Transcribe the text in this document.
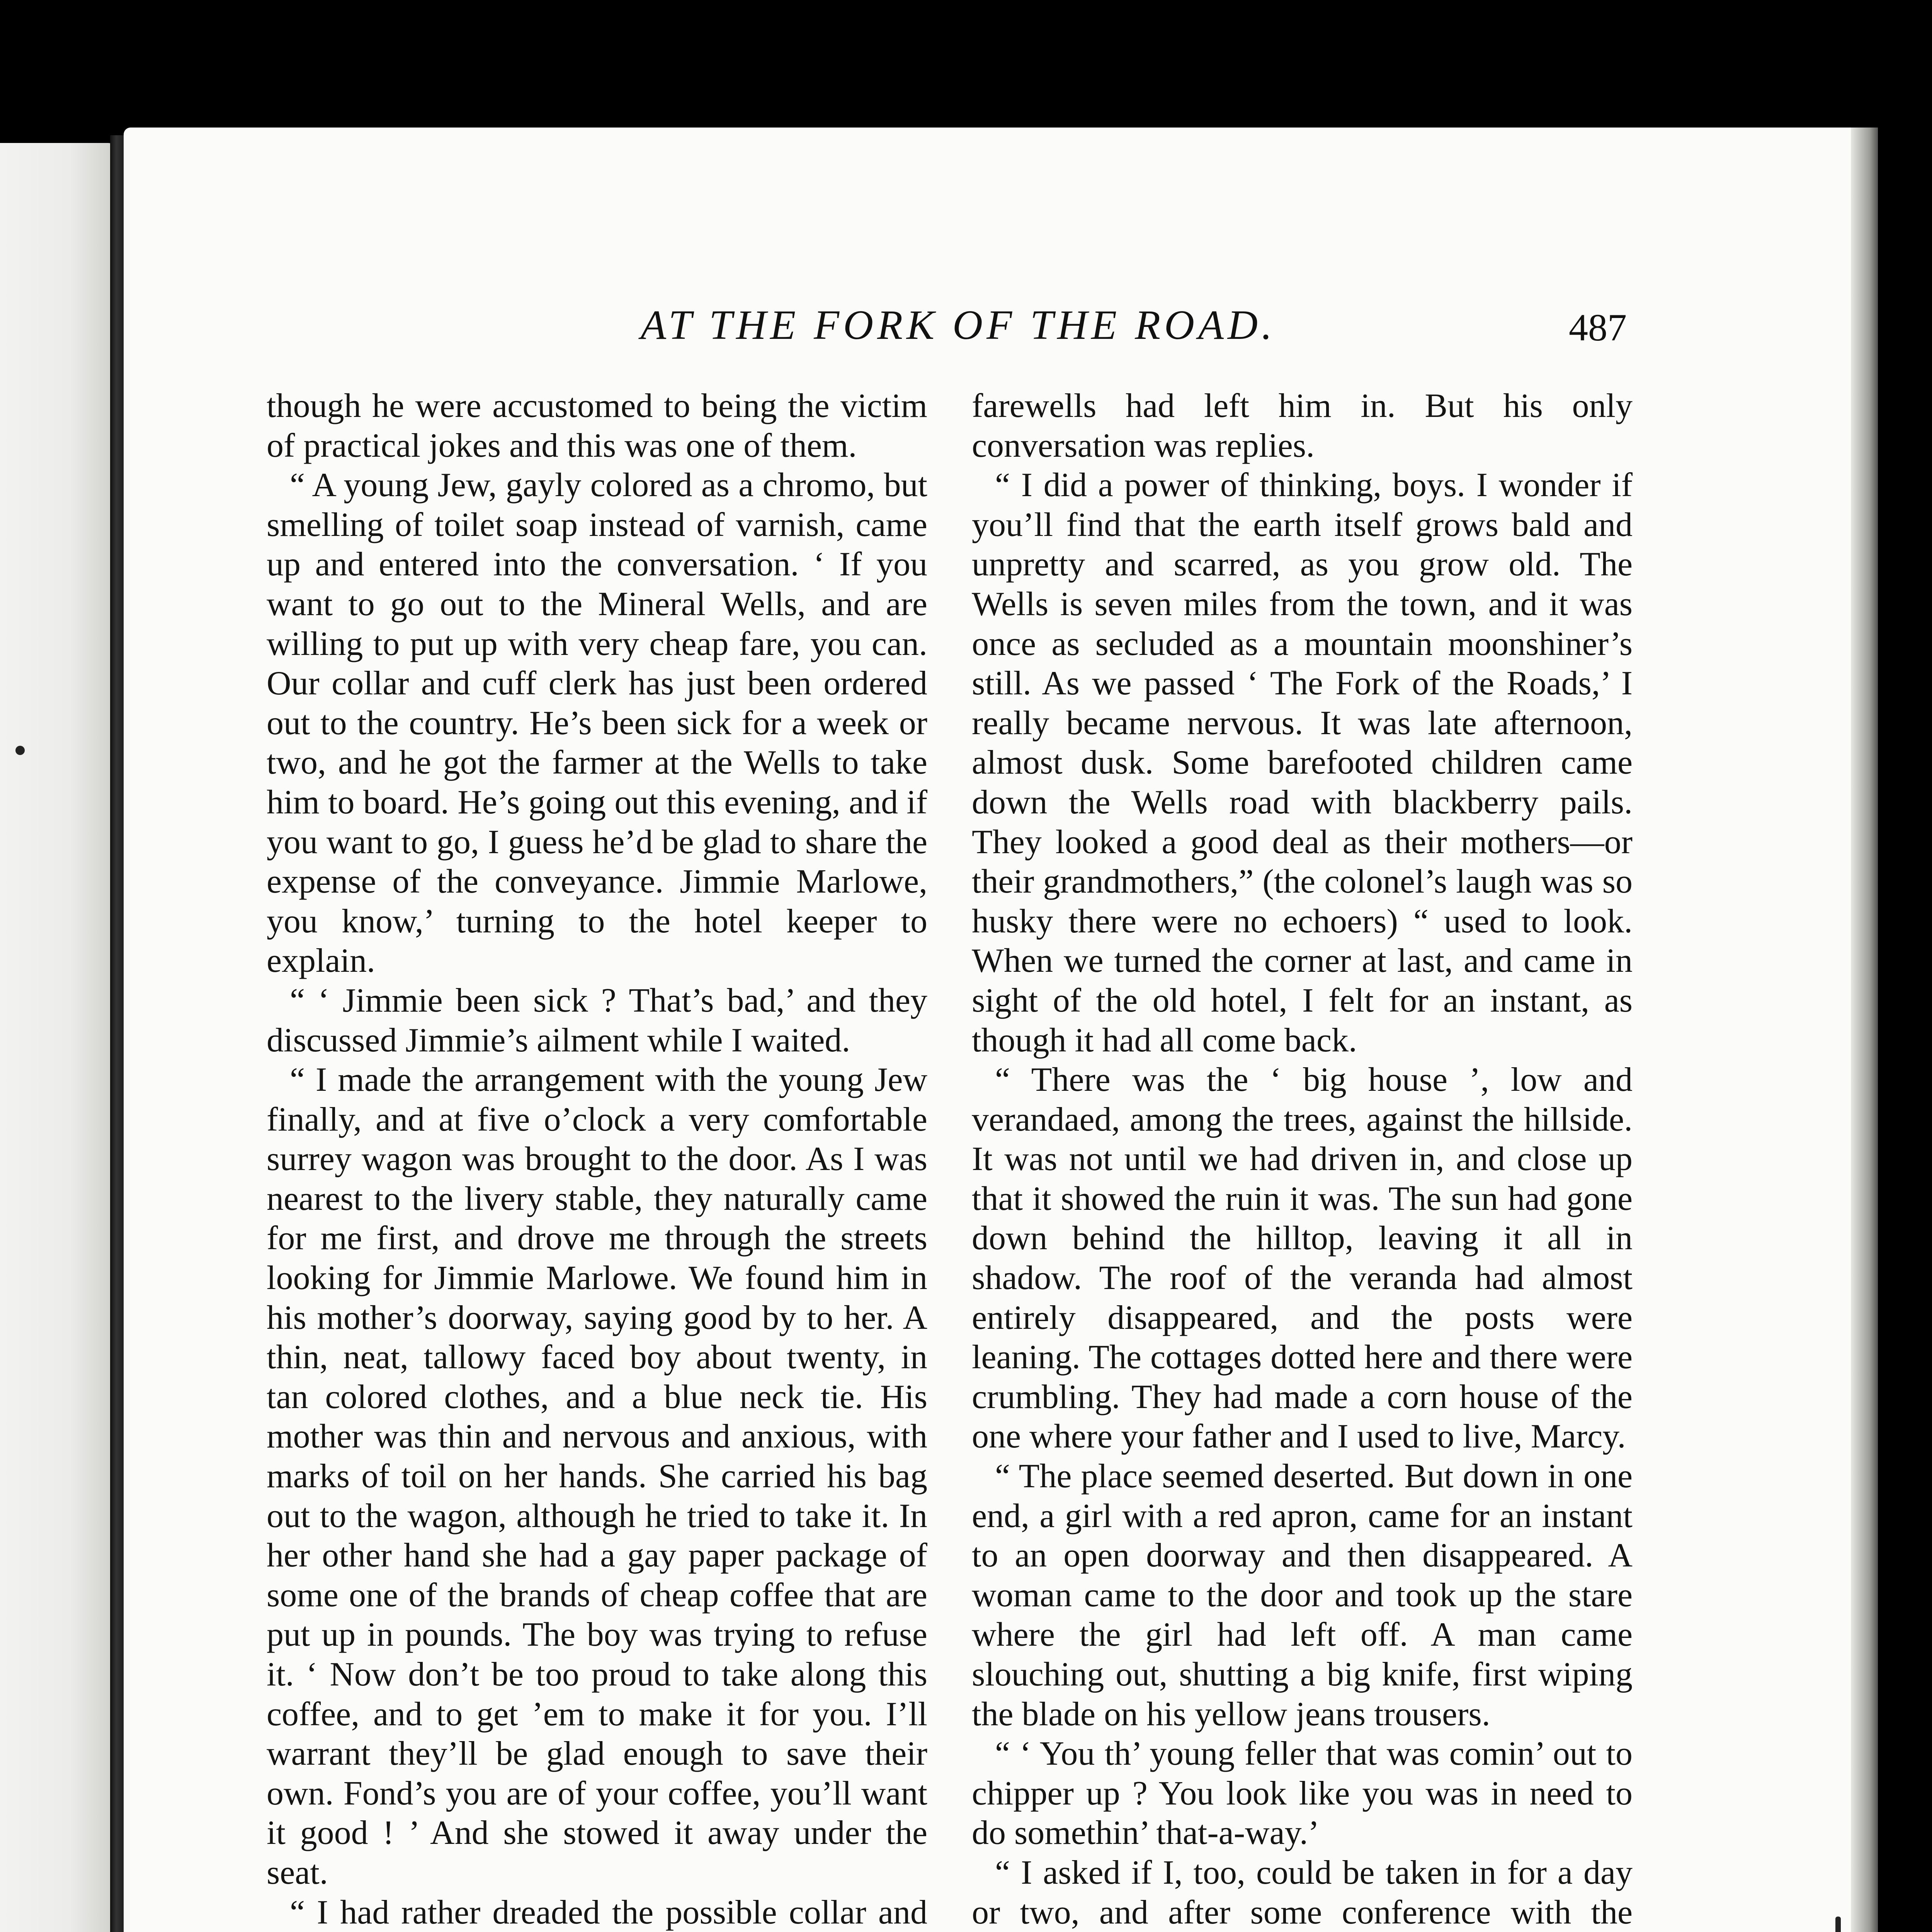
AT THE FORK OF THE ROAD.	487

though he were accustomed to being the victim of practical jokes and this was one of them.

“ A young Jew, gayly colored as a chromo, but smelling of toilet soap instead of varnish, came up and entered into the conversation. ‘ If you want to go out to the Mineral Wells, and are willing to put up with very cheap fare, you can. Our collar and cuff clerk has just been ordered out to the country. He’s been sick for a week or two, and he got the farmer at the Wells to take him to board. He’s going out this evening, and if you want to go, I guess he’d be glad to share the expense of the conveyance. Jimmie Marlowe, you know,’ turning to the hotel keeper to explain.

“ ‘ Jimmie been sick ? That’s bad,’ and they discussed Jimmie’s ailment while I waited.

“ I made the arrangement with the young Jew finally, and at five o’clock a very comfortable surrey wagon was brought to the door. As I was nearest to the livery stable, they naturally came for me first, and drove me through the streets looking for Jimmie Marlowe. We found him in his mother’s doorway, saying good by to her. A thin, neat, tallowy faced boy about twenty, in tan colored clothes, and a blue neck tie. His mother was thin and nervous and anxious, with marks of toil on her hands. She carried his bag out to the wagon, although he tried to take it. In her other hand she had a gay paper package of some one of the brands of cheap coffee that are put up in pounds. The boy was trying to refuse it. ‘ Now don’t be too proud to take along this coffee, and to get ’em to make it for you. I’ll warrant they’ll be glad enough to save their own. Fond’s you are of your coffee, you’ll want it good ! ’ And she stowed it away under the seat.

“ I had rather dreaded the possible collar and

farewells had left him in. But his only conversation was replies.

“ I did a power of thinking, boys. I wonder if you’ll find that the earth itself grows bald and unpretty and scarred, as you grow old. The Wells is seven miles from the town, and it was once as secluded as a mountain moonshiner’s still. As we passed ‘ The Fork of the Roads,’ I really became nervous. It was late afternoon, almost dusk. Some barefooted children came down the Wells road with blackberry pails. They looked a good deal as their mothers—or their grandmothers,” (the colonel’s laugh was so husky there were no echoers) “ used to look. When we turned the corner at last, and came in sight of the old hotel, I felt for an instant, as though it had all come back.

“ There was the ‘ big house ’, low and verandaed, among the trees, against the hillside. It was not until we had driven in, and close up that it showed the ruin it was. The sun had gone down behind the hilltop, leaving it all in shadow. The roof of the veranda had almost entirely disappeared, and the posts were leaning. The cottages dotted here and there were crumbling. They had made a corn house of the one where your father and I used to live, Marcy.

“ The place seemed deserted. But down in one end, a girl with a red apron, came for an instant to an open doorway and then disappeared. A woman came to the door and took up the stare where the girl had left off. A man came slouching out, shutting a big knife, first wiping the blade on his yellow jeans trousers.

“ ‘ You th’ young feller that was comin’ out to chipper up ? You look like you was in need to do somethin’ that-a-way.’

“ I asked if I, too, could be taken in for a day or two, and after some conference with the
